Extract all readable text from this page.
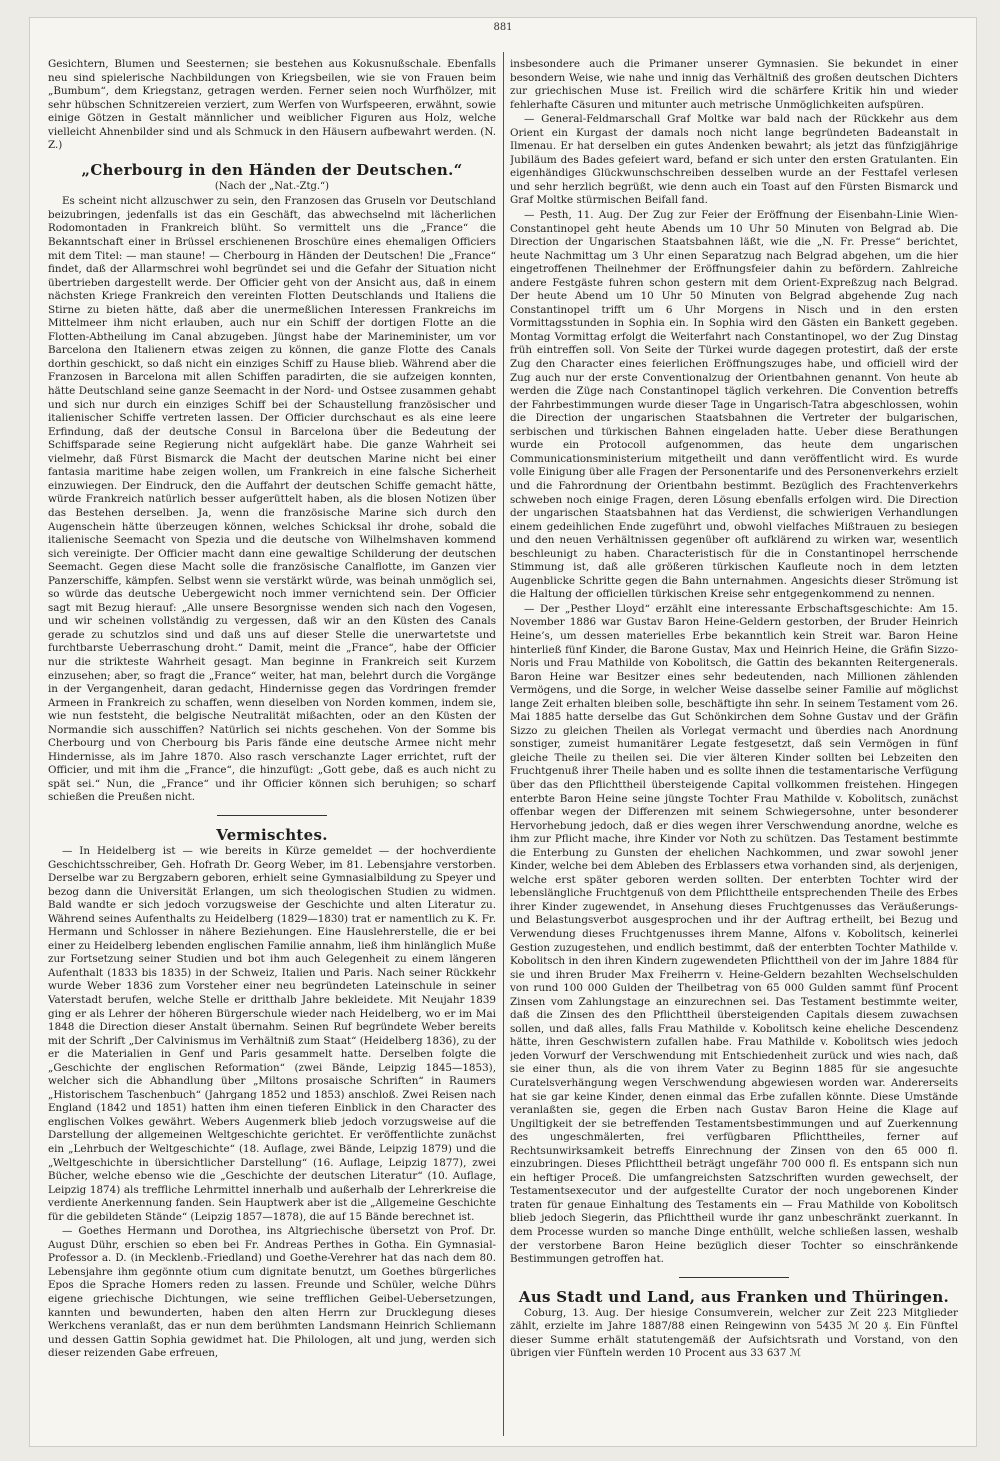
881

Gesichtern, Blumen und Seesternen; sie bestehen aus Kokusnußschale. Ebenfalls neu sind spielerische Nachbildungen von Kriegsbeilen, wie sie von Frauen beim „Bumbum“, dem Kriegstanz, getragen werden. Ferner seien noch Wurfhölzer, mit sehr hübschen Schnitzereien verziert, zum Werfen von Wurfspeeren, erwähnt, sowie einige Götzen in Gestalt männlicher und weiblicher Figuren aus Holz, welche vielleicht Ahnenbilder sind und als Schmuck in den Häusern aufbewahrt werden. (N. Z.)

„Cherbourg in den Händen der Deutschen.“
(Nach der „Nat.-Ztg.“)

Es scheint nicht allzuschwer zu sein, den Franzosen das Gruseln vor Deutschland beizubringen, jedenfalls ist das ein Geschäft, das abwechselnd mit lächerlichen Rodomontaden in Frankreich blüht. So vermittelt uns die „France“ die Bekanntschaft einer in Brüssel erschienenen Broschüre eines ehemaligen Officiers mit dem Titel: — man staune! — Cherbourg in Händen der Deutschen! Die „France“ findet, daß der Allarmschrei wohl begründet sei und die Gefahr der Situation nicht übertrieben dargestellt werde. Der Officier geht von der Ansicht aus, daß in einem nächsten Kriege Frankreich den vereinten Flotten Deutschlands und Italiens die Stirne zu bieten hätte, daß aber die unermeßlichen Interessen Frankreichs im Mittelmeer ihm nicht erlauben, auch nur ein Schiff der dortigen Flotte an die Flotten-Abtheilung im Canal abzugeben. Jüngst habe der Marineminister, um vor Barcelona den Italienern etwas zeigen zu können, die ganze Flotte des Canals dorthin geschickt, so daß nicht ein einziges Schiff zu Hause blieb. Während aber die Franzosen in Barcelona mit allen Schiffen paradirten, die sie aufzeigen konnten, hätte Deutschland seine ganze Seemacht in der Nord- und Ostsee zusammen gehabt und sich nur durch ein einziges Schiff bei der Schaustellung französischer und italienischer Schiffe vertreten lassen. Der Officier durchschaut es als eine leere Erfindung, daß der deutsche Consul in Barcelona über die Bedeutung der Schiffsparade seine Regierung nicht aufgeklärt habe. Die ganze Wahrheit sei vielmehr, daß Fürst Bismarck die Macht der deutschen Marine nicht bei einer fantasia maritime habe zeigen wollen, um Frankreich in eine falsche Sicherheit einzuwiegen. Der Eindruck, den die Auffahrt der deutschen Schiffe gemacht hätte, würde Frankreich natürlich besser aufgerüttelt haben, als die blosen Notizen über das Bestehen derselben. Ja, wenn die französische Marine sich durch den Augenschein hätte überzeugen können, welches Schicksal ihr drohe, sobald die italienische Seemacht von Spezia und die deutsche von Wilhelmshaven kommend sich vereinigte. Der Officier macht dann eine gewaltige Schilderung der deutschen Seemacht. Gegen diese Macht solle die französische Canalflotte, im Ganzen vier Panzerschiffe, kämpfen. Selbst wenn sie verstärkt würde, was beinah unmöglich sei, so würde das deutsche Uebergewicht noch immer vernichtend sein. Der Officier sagt mit Bezug hierauf: „Alle unsere Besorgnisse wenden sich nach den Vogesen, und wir scheinen vollständig zu vergessen, daß wir an den Küsten des Canals gerade zu schutzlos sind und daß uns auf dieser Stelle die unerwartetste und furchtbarste Ueberraschung droht.“ Damit, meint die „France“, habe der Officier nur die strikteste Wahrheit gesagt. Man beginne in Frankreich seit Kurzem einzusehen; aber, so fragt die „France“ weiter, hat man, belehrt durch die Vorgänge in der Vergangenheit, daran gedacht, Hindernisse gegen das Vordringen fremder Armeen in Frankreich zu schaffen, wenn dieselben von Norden kommen, indem sie, wie nun feststeht, die belgische Neutralität mißachten, oder an den Küsten der Normandie sich ausschiffen? Natürlich sei nichts geschehen. Von der Somme bis Cherbourg und von Cherbourg bis Paris fände eine deutsche Armee nicht mehr Hindernisse, als im Jahre 1870. Also rasch verschanzte Lager errichtet, ruft der Officier, und mit ihm die „France“, die hinzufügt: „Gott gebe, daß es auch nicht zu spät sei.“ Nun, die „France“ und ihr Officier können sich beruhigen; so scharf schießen die Preußen nicht.

Vermischtes.

— In Heidelberg ist — wie bereits in Kürze gemeldet — der hochverdiente Geschichtsschreiber, Geh. Hofrath Dr. Georg Weber, im 81. Lebensjahre verstorben. Derselbe war zu Bergzabern geboren, erhielt seine Gymnasialbildung zu Speyer und bezog dann die Universität Erlangen, um sich theologischen Studien zu widmen. Bald wandte er sich jedoch vorzugsweise der Geschichte und alten Literatur zu. Während seines Aufenthalts zu Heidelberg (1829—1830) trat er namentlich zu K. Fr. Hermann und Schlosser in nähere Beziehungen. Eine Hauslehrerstelle, die er bei einer zu Heidelberg lebenden englischen Familie annahm, ließ ihm hinlänglich Muße zur Fortsetzung seiner Studien und bot ihm auch Gelegenheit zu einem längeren Aufenthalt (1833 bis 1835) in der Schweiz, Italien und Paris. Nach seiner Rückkehr wurde Weber 1836 zum Vorsteher einer neu begründeten Lateinschule in seiner Vaterstadt berufen, welche Stelle er dritthalb Jahre bekleidete. Mit Neujahr 1839 ging er als Lehrer der höheren Bürgerschule wieder nach Heidelberg, wo er im Mai 1848 die Direction dieser Anstalt übernahm. Seinen Ruf begründete Weber bereits mit der Schrift „Der Calvinismus im Verhältniß zum Staat“ (Heidelberg 1836), zu der er die Materialien in Genf und Paris gesammelt hatte. Derselben folgte die „Geschichte der englischen Reformation“ (zwei Bände, Leipzig 1845—1853), welcher sich die Abhandlung über „Miltons prosaische Schriften“ in Raumers „Historischem Taschenbuch“ (Jahrgang 1852 und 1853) anschloß. Zwei Reisen nach England (1842 und 1851) hatten ihm einen tieferen Einblick in den Character des englischen Volkes gewährt. Webers Augenmerk blieb jedoch vorzugsweise auf die Darstellung der allgemeinen Weltgeschichte gerichtet. Er veröffentlichte zunächst ein „Lehrbuch der Weltgeschichte“ (18. Auflage, zwei Bände, Leipzig 1879) und die „Weltgeschichte in übersichtlicher Darstellung“ (16. Auflage, Leipzig 1877), zwei Bücher, welche ebenso wie die „Geschichte der deutschen Literatur“ (10. Auflage, Leipzig 1874) als treffliche Lehrmittel innerhalb und außerhalb der Lehrerkreise die verdiente Anerkennung fanden. Sein Hauptwerk aber ist die „Allgemeine Geschichte für die gebildeten Stände“ (Leipzig 1857—1878), die auf 15 Bände berechnet ist.

— Goethes Hermann und Dorothea, ins Altgriechische übersetzt von Prof. Dr. August Dühr, erschien so eben bei Fr. Andreas Perthes in Gotha. Ein Gymnasial-Professor a. D. (in Mecklenb.-Friedland) und Goethe-Verehrer hat das nach dem 80. Lebensjahre ihm gegönnte otium cum dignitate benutzt, um Goethes bürgerliches Epos die Sprache Homers reden zu lassen. Freunde und Schüler, welche Dührs eigene griechische Dichtungen, wie seine trefflichen Geibel-Uebersetzungen, kannten und bewunderten, haben den alten Herrn zur Drucklegung dieses Werkchens veranlaßt, das er nun dem berühmten Landsmann Heinrich Schliemann und dessen Gattin Sophia gewidmet hat. Die Philologen, alt und jung, werden sich dieser reizenden Gabe erfreuen,

insbesondere auch die Primaner unserer Gymnasien. Sie bekundet in einer besondern Weise, wie nahe und innig das Verhältniß des großen deutschen Dichters zur griechischen Muse ist. Freilich wird die schärfere Kritik hin und wieder fehlerhafte Cäsuren und mitunter auch metrische Unmöglichkeiten aufspüren.

— General-Feldmarschall Graf Moltke war bald nach der Rückkehr aus dem Orient ein Kurgast der damals noch nicht lange begründeten Badeanstalt in Ilmenau. Er hat derselben ein gutes Andenken bewahrt; als jetzt das fünfzigjährige Jubiläum des Bades gefeiert ward, befand er sich unter den ersten Gratulanten. Ein eigenhändiges Glückwunschschreiben desselben wurde an der Festtafel verlesen und sehr herzlich begrüßt, wie denn auch ein Toast auf den Fürsten Bismarck und Graf Moltke stürmischen Beifall fand.

— Pesth, 11. Aug. Der Zug zur Feier der Eröffnung der Eisenbahn-Linie Wien-Constantinopel geht heute Abends um 10 Uhr 50 Minuten von Belgrad ab. Die Direction der Ungarischen Staatsbahnen läßt, wie die „N. Fr. Presse“ berichtet, heute Nachmittag um 3 Uhr einen Separatzug nach Belgrad abgehen, um die hier eingetroffenen Theilnehmer der Eröffnungsfeier dahin zu befördern. Zahlreiche andere Festgäste fuhren schon gestern mit dem Orient-Expreßzug nach Belgrad. Der heute Abend um 10 Uhr 50 Minuten von Belgrad abgehende Zug nach Constantinopel trifft um 6 Uhr Morgens in Nisch und in den ersten Vormittagsstunden in Sophia ein. In Sophia wird den Gästen ein Bankett gegeben. Montag Vormittag erfolgt die Weiterfahrt nach Constantinopel, wo der Zug Dinstag früh eintreffen soll. Von Seite der Türkei wurde dagegen protestirt, daß der erste Zug den Character eines feierlichen Eröffnungszuges habe, und officiell wird der Zug auch nur der erste Conventionalzug der Orientbahnen genannt. Von heute ab werden die Züge nach Constantinopel täglich verkehren. Die Convention betreffs der Fahrbestimmungen wurde dieser Tage in Ungarisch-Tatra abgeschlossen, wohin die Direction der ungarischen Staatsbahnen die Vertreter der bulgarischen, serbischen und türkischen Bahnen eingeladen hatte. Ueber diese Berathungen wurde ein Protocoll aufgenommen, das heute dem ungarischen Communicationsministerium mitgetheilt und dann veröffentlicht wird. Es wurde volle Einigung über alle Fragen der Personentarife und des Personenverkehrs erzielt und die Fahrordnung der Orientbahn bestimmt. Bezüglich des Frachtenverkehrs schweben noch einige Fragen, deren Lösung ebenfalls erfolgen wird. Die Direction der ungarischen Staatsbahnen hat das Verdienst, die schwierigen Verhandlungen einem gedeihlichen Ende zugeführt und, obwohl vielfaches Mißtrauen zu besiegen und den neuen Verhältnissen gegenüber oft aufklärend zu wirken war, wesentlich beschleunigt zu haben. Characteristisch für die in Constantinopel herrschende Stimmung ist, daß alle größeren türkischen Kaufleute noch in dem letzten Augenblicke Schritte gegen die Bahn unternahmen. Angesichts dieser Strömung ist die Haltung der officiellen türkischen Kreise sehr entgegenkommend zu nennen.

— Der „Pesther Lloyd“ erzählt eine interessante Erbschaftsgeschichte: Am 15. November 1886 war Gustav Baron Heine-Geldern gestorben, der Bruder Heinrich Heine’s, um dessen materielles Erbe bekanntlich kein Streit war. Baron Heine hinterließ fünf Kinder, die Barone Gustav, Max und Heinrich Heine, die Gräfin Sizzo-Noris und Frau Mathilde von Kobolitsch, die Gattin des bekannten Reitergenerals. Baron Heine war Besitzer eines sehr bedeutenden, nach Millionen zählenden Vermögens, und die Sorge, in welcher Weise dasselbe seiner Familie auf möglichst lange Zeit erhalten bleiben solle, beschäftigte ihn sehr. In seinem Testament vom 26. Mai 1885 hatte derselbe das Gut Schönkirchen dem Sohne Gustav und der Gräfin Sizzo zu gleichen Theilen als Vorlegat vermacht und überdies nach Anordnung sonstiger, zumeist humanitärer Legate festgesetzt, daß sein Vermögen in fünf gleiche Theile zu theilen sei. Die vier älteren Kinder sollten bei Lebzeiten den Fruchtgenuß ihrer Theile haben und es sollte ihnen die testamentarische Verfügung über das den Pflichttheil übersteigende Capital vollkommen freistehen. Hingegen enterbte Baron Heine seine jüngste Tochter Frau Mathilde v. Kobolitsch, zunächst offenbar wegen der Differenzen mit seinem Schwiegersohne, unter besonderer Hervorhebung jedoch, daß er dies wegen ihrer Verschwendung anordne, welche es ihm zur Pflicht mache, ihre Kinder vor Noth zu schützen. Das Testament bestimmte die Enterbung zu Gunsten der ehelichen Nachkommen, und zwar sowohl jener Kinder, welche bei dem Ableben des Erblassers etwa vorhanden sind, als derjenigen, welche erst später geboren werden sollten. Der enterbten Tochter wird der lebenslängliche Fruchtgenuß von dem Pflichttheile entsprechenden Theile des Erbes ihrer Kinder zugewendet, in Ansehung dieses Fruchtgenusses das Veräußerungs- und Belastungsverbot ausgesprochen und ihr der Auftrag ertheilt, bei Bezug und Verwendung dieses Fruchtgenusses ihrem Manne, Alfons v. Kobolitsch, keinerlei Gestion zuzugestehen, und endlich bestimmt, daß der enterbten Tochter Mathilde v. Kobolitsch in den ihren Kindern zugewendeten Pflichttheil von der im Jahre 1884 für sie und ihren Bruder Max Freiherrn v. Heine-Geldern bezahlten Wechselschulden von rund 100 000 Gulden der Theilbetrag von 65 000 Gulden sammt fünf Procent Zinsen vom Zahlungstage an einzurechnen sei. Das Testament bestimmte weiter, daß die Zinsen des den Pflichttheil übersteigenden Capitals diesem zuwachsen sollen, und daß alles, falls Frau Mathilde v. Kobolitsch keine eheliche Descendenz hätte, ihren Geschwistern zufallen habe. Frau Mathilde v. Kobolitsch wies jedoch jeden Vorwurf der Verschwendung mit Entschiedenheit zurück und wies nach, daß sie einer thun, als die von ihrem Vater zu Beginn 1885 für sie angesuchte Curatelsverhängung wegen Verschwendung abgewiesen worden war. Andererseits hat sie gar keine Kinder, denen einmal das Erbe zufallen könnte. Diese Umstände veranlaßten sie, gegen die Erben nach Gustav Baron Heine die Klage auf Ungiltigkeit der sie betreffenden Testamentsbestimmungen und auf Zuerkennung des ungeschmälerten, frei verfügbaren Pflichttheiles, ferner auf Rechtsunwirksamkeit betreffs Einrechnung der Zinsen von den 65 000 fl. einzubringen. Dieses Pflichttheil beträgt ungefähr 700 000 fl. Es entspann sich nun ein heftiger Proceß. Die umfangreichsten Satzschriften wurden gewechselt, der Testamentsexecutor und der aufgestellte Curator der noch ungeborenen Kinder traten für genaue Einhaltung des Testaments ein — Frau Mathilde von Kobolitsch blieb jedoch Siegerin, das Pflichttheil wurde ihr ganz unbeschränkt zuerkannt. In dem Processe wurden so manche Dinge enthüllt, welche schließen lassen, weshalb der verstorbene Baron Heine bezüglich dieser Tochter so einschränkende Bestimmungen getroffen hat.

Aus Stadt und Land, aus Franken und Thüringen.

Coburg, 13. Aug. Der hiesige Consumverein, welcher zur Zeit 223 Mitglieder zählt, erzielte im Jahre 1887/88 einen Reingewinn von 5435 ℳ 20 ₰. Ein Fünftel dieser Summe erhält statutengemäß der Aufsichtsrath und Vorstand, von den übrigen vier Fünfteln werden 10 Procent aus 33 637 ℳ
